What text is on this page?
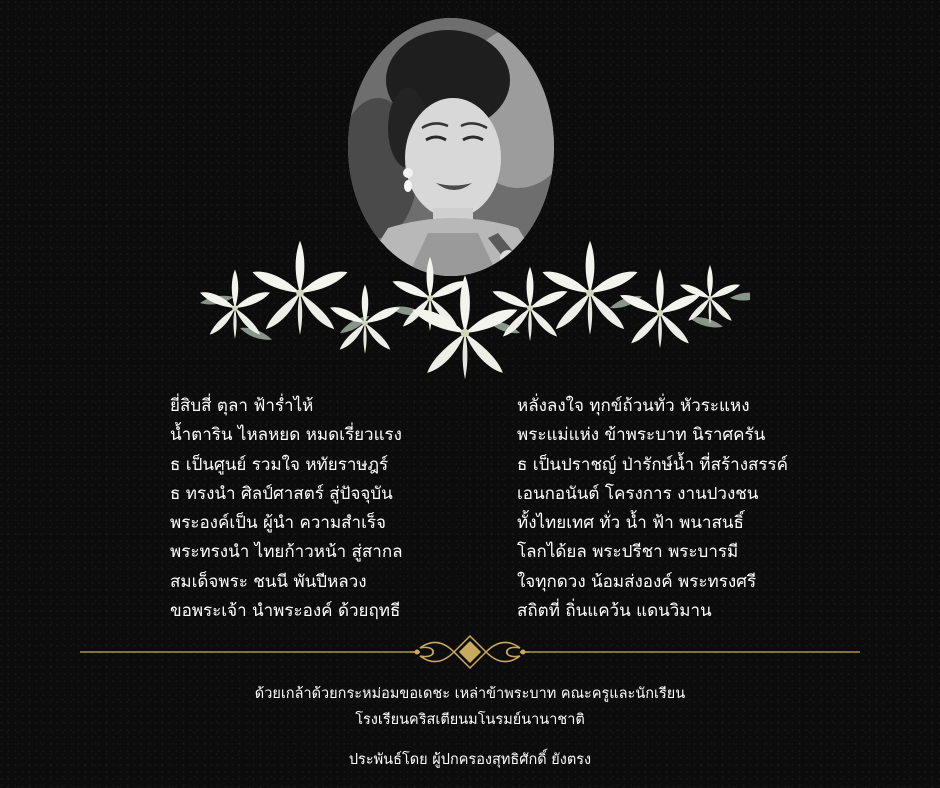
ยี่สิบสี่ ตุลา ฟ้าร่ำไห้
น้ำตาริน ไหลหยด หมดเรี่ยวแรง
ธ เป็นศูนย์ รวมใจ หทัยราษฎร์
ธ ทรงนำ ศิลป์ศาสตร์ สู่ปัจจุบัน
พระองค์เป็น ผู้นำ ความสำเร็จ
พระทรงนำ ไทยก้าวหน้า สู่สากล
สมเด็จพระ ชนนี พันปีหลวง
ขอพระเจ้า นำพระองค์ ด้วยฤทธี
หลั่งลงใจ ทุกข์ถ้วนทั่ว หัวระแหง
พระแม่แห่ง ข้าพระบาท นิราศครัน
ธ เป็นปราชญ์ ป่ารักษ์น้ำ ที่สร้างสรรค์
เอนกอนันต์ โครงการ งานปวงชน
ทั้งไทยเทศ ทั่ว น้ำ ฟ้า พนาสนธิ์
โลกได้ยล พระปรีชา พระบารมี
ใจทุกดวง น้อมส่งองค์ พระทรงศรี
สถิตที่ ถิ่นแคว้น แดนวิมาน
ด้วยเกล้าด้วยกระหม่อมขอเดชะ เหล่าข้าพระบาท คณะครูและนักเรียน
โรงเรียนคริสเตียนมโนรมย์นานาชาติ
ประพันธ์โดย ผู้ปกครองสุทธิศักดิ์ ยังตรง
